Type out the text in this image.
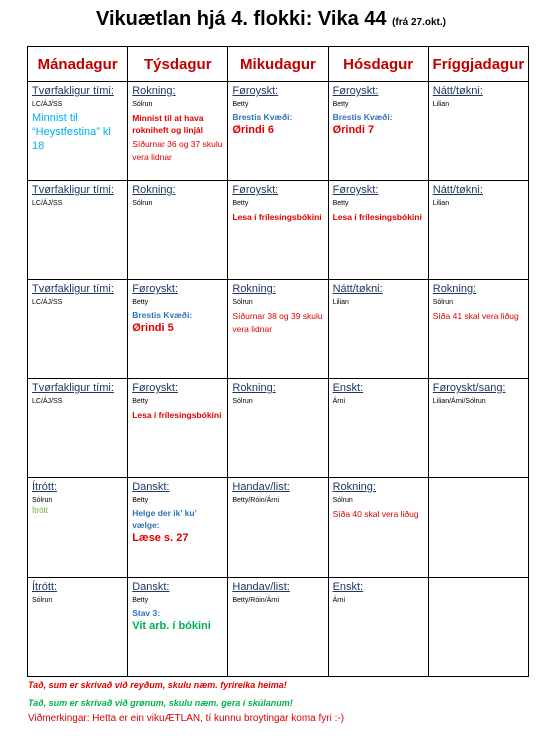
Vikuætlan hjá 4. flokki: Vika 44 (frá 27.okt.)
Mánadagur	Týsdagur	Mikudagur	Hósdagur	Fríggjadagur

Tvørfakligur tími:
LC/ÁJ/SS
Minnist til “Heystfestina” kl 18	Rokning:
Sólrun
Minnist til at hava rokniheft og linjál
Síðurnar 36 og 37 skulu vera lidnar	Føroyskt:
Betty
Brestis Kvæði:
Ørindi 6	Føroyskt:
Betty
Brestis Kvæði:
Ørindi 7	Nátt/tøkni:
Lilian

Tvørfakligur tími:
LC/ÁJ/SS	Rokning:
Sólrun	Føroyskt:
Betty
Lesa í frílesingsbókini	Føroyskt:
Betty
Lesa í frílesingsbókini	Nátt/tøkni:
Lilian

Tvørfakligur tími:
LC/ÁJ/SS	Føroyskt:
Betty
Brestis Kvæði:
Ørindi 5	Rokning:
Sólrun
Síðurnar 38 og 39 skulu vera lidnar	Nátt/tøkni:
Lilian	Rokning:
Sólrun
Síða 41 skal vera liðug

Tvørfakligur tími:
LC/ÁJ/SS	Føroyskt:
Betty
Lesa í frílesingsbókini	Rokning:
Sólrun	Enskt:
Árni	Føroyskt/sang:
Lilian/Árni/Sólrun

Ítrótt:
Sólrun
Ítrótt	Danskt:
Betty
Helge der ik’ ku’ vælge:
Læse s. 27	Handav/list:
Betty/Róin/Árni	Rokning:
Sólrun
Síða 40 skal vera liðug	

Ítrótt:
Sólrun	Danskt:
Betty
Stav 3:
Vit arb. í bókini	Handav/list:
Betty/Róin/Árni	Enskt:
Árni	

Tað, sum er skrivað við reyðum, skulu næm. fyrireika heima!
Tað, sum er skrivað við grønum, skulu næm. gera í skúlanum!
Viðmerkingar: Hetta er ein vikuÆTLAN, tí kunnu broytingar koma fyri :-)
